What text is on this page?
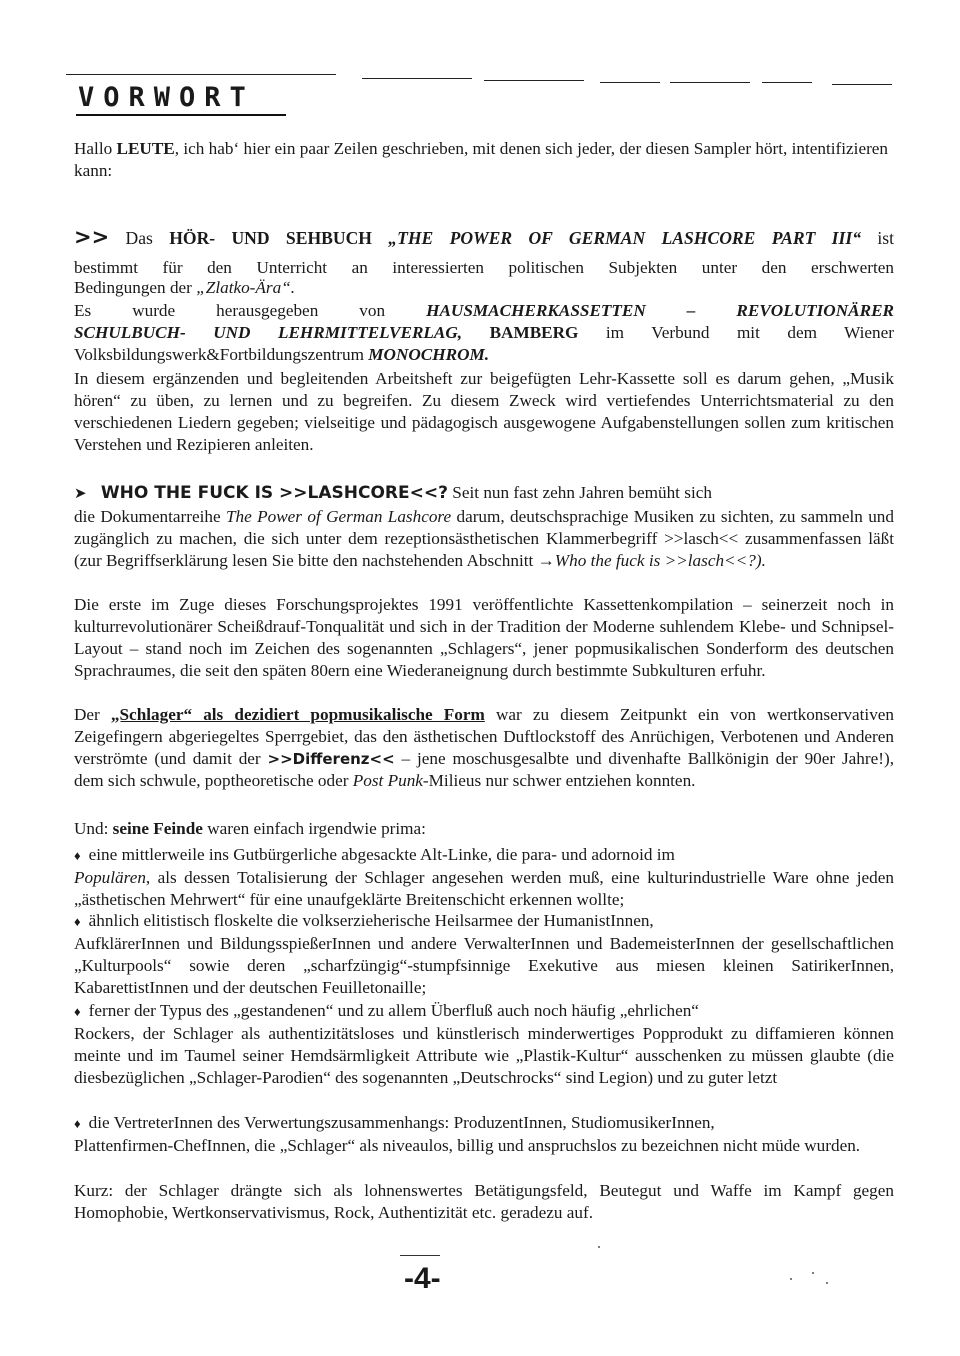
VORWORT

Hallo LEUTE, ich hab‘ hier ein paar Zeilen geschrieben, mit denen sich jeder, der diesen Sampler hört, intentifizieren kann:

>> Das HÖR- UND SEHBUCH „THE POWER OF GERMAN LASHCORE PART III“ ist

bestimmt für den Unterricht an interessierten politischen Subjekten unter den erschwerten

Bedingungen der „Zlatko-Ära“.

Es wurde herausgegeben von HAUSMACHERKASSETTEN – REVOLUTIONÄRER

SCHULBUCH- UND LEHRMITTELVERLAG, BAMBERG im Verbund mit dem Wiener

Volksbildungswerk&Fortbildungszentrum MONOCHROM.

In diesem ergänzenden und begleitenden Arbeitsheft zur beigefügten Lehr-Kassette soll es darum gehen, „Musik hören“ zu üben, zu lernen und zu begreifen. Zu diesem Zweck wird vertiefendes Unterrichtsmaterial zu den verschiedenen Liedern gegeben; vielseitige und pädagogisch ausgewogene Aufgabenstellungen sollen zum kritischen Verstehen und Rezipieren anleiten.

➤ WHO THE FUCK IS >>LASHCORE<<? Seit nun fast zehn Jahren bemüht sich

die Dokumentarreihe The Power of German Lashcore darum, deutschsprachige Musiken zu sichten, zu sammeln und zugänglich zu machen, die sich unter dem rezeptionsästhetischen Klammerbegriff >>lasch<< zusammenfassen läßt (zur Begriffserklärung lesen Sie bitte den nachstehenden Abschnitt →Who the fuck is >>lasch<<?).

Die erste im Zuge dieses Forschungsprojektes 1991 veröffentlichte Kassettenkompilation – seinerzeit noch in kulturrevolutionärer Scheißdrauf-Tonqualität und sich in der Tradition der Moderne suhlendem Klebe- und Schnipsel-Layout – stand noch im Zeichen des sogenannten „Schlagers“, jener popmusikalischen Sonderform des deutschen Sprachraumes, die seit den späten 80ern eine Wiederaneignung durch bestimmte Subkulturen erfuhr.

Der „Schlager“ als dezidiert popmusikalische Form war zu diesem Zeitpunkt ein von wertkonservativen Zeigefingern abgeriegeltes Sperrgebiet, das den ästhetischen Duftlockstoff des Anrüchigen, Verbotenen und Anderen verströmte (und damit der >>Differenz<< – jene moschusgesalbte und divenhafte Ballkönigin der 90er Jahre!), dem sich schwule, poptheoretische oder Post Punk-Milieus nur schwer entziehen konnten.

Und: seine Feinde waren einfach irgendwie prima:

♦ eine mittlerweile ins Gutbürgerliche abgesackte Alt-Linke, die para- und adornoid im
Populären, als dessen Totalisierung der Schlager angesehen werden muß, eine kulturindustrielle Ware ohne jeden „ästhetischen Mehrwert“ für eine unaufgeklärte Breitenschicht erkennen wollte;

♦ ähnlich elitistisch floskelte die volkserzieherische Heilsarmee der HumanistInnen,
AufklärerInnen und BildungsspießerInnen und andere VerwalterInnen und BademeisterInnen der gesellschaftlichen „Kulturpools“ sowie deren „scharfzüngig“-stumpfsinnige Exekutive aus miesen kleinen SatirikerInnen, KabarettistInnen und der deutschen Feuilletonaille;

♦ ferner der Typus des „gestandenen“ und zu allem Überfluß auch noch häufig „ehrlichen“
Rockers, der Schlager als authentizitätsloses und künstlerisch minderwertiges Popprodukt zu diffamieren können meinte und im Taumel seiner Hemdsärmligkeit Attribute wie „Plastik-Kultur“ ausschenken zu müssen glaubte (die diesbezüglichen „Schlager-Parodien“ des sogenannten „Deutschrocks“ sind Legion) und zu guter letzt

♦ die VertreterInnen des Verwertungszusammenhangs: ProduzentInnen, StudiomusikerInnen,
Plattenfirmen-ChefInnen, die „Schlager“ als niveaulos, billig und anspruchslos zu bezeichnen nicht müde wurden.

Kurz: der Schlager drängte sich als lohnenswertes Betätigungsfeld, Beutegut und Waffe im Kampf gegen Homophobie, Wertkonservativismus, Rock, Authentizität etc. geradezu auf.

-4-
